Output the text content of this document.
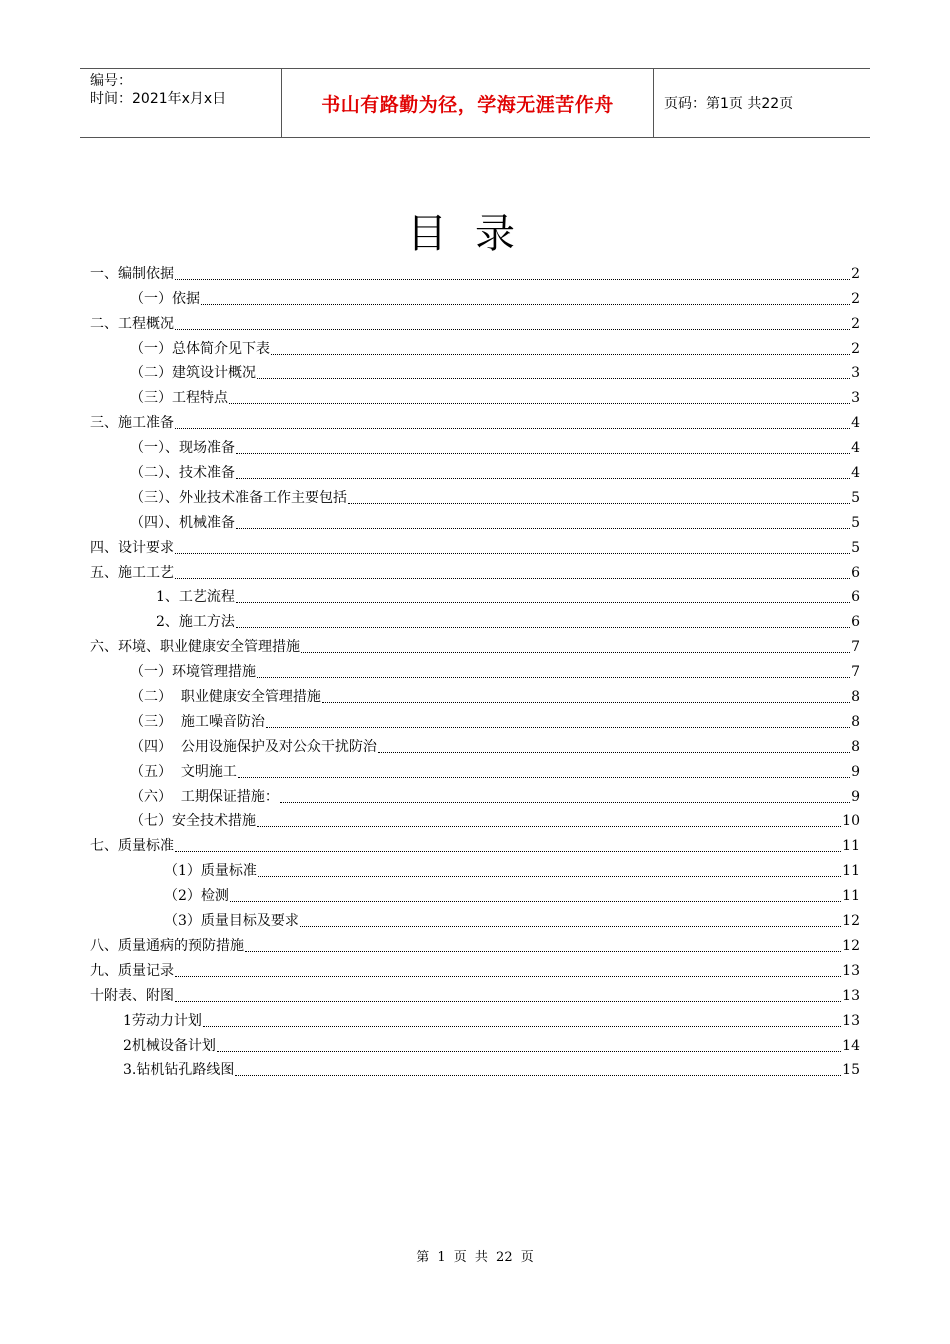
编号：
时间：2021年x月x日	书山有路勤为径，学海无涯苦作舟	页码：第1页 共22页
目录
一、编制依据	2
（一）依据	2
二、工程概况	2
（一）总体简介见下表	2
（二）建筑设计概况	3
（三）工程特点	3
三、施工准备	4
（一）、现场准备	4
（二）、技术准备	4
（三）、外业技术准备工作主要包括	5
（四）、机械准备	5
四、设计要求	5
五、施工工艺	6
1、工艺流程	6
2、施工方法	6
六、环境、职业健康安全管理措施	7
（一）环境管理措施	7
（二）  职业健康安全管理措施	8
（三）  施工噪音防治	8
（四）  公用设施保护及对公众干扰防治	8
（五）  文明施工	9
（六）  工期保证措施：	9
（七）安全技术措施	10
七、质量标准	11
（1）质量标准	11
（2）检测	11
（3）质量目标及要求	12
八、质量通病的预防措施	12
九、质量记录	13
十附表、附图	13
1劳动力计划	13
2机械设备计划	14
3.钻机钻孔路线图	15
第 1 页 共 22 页
